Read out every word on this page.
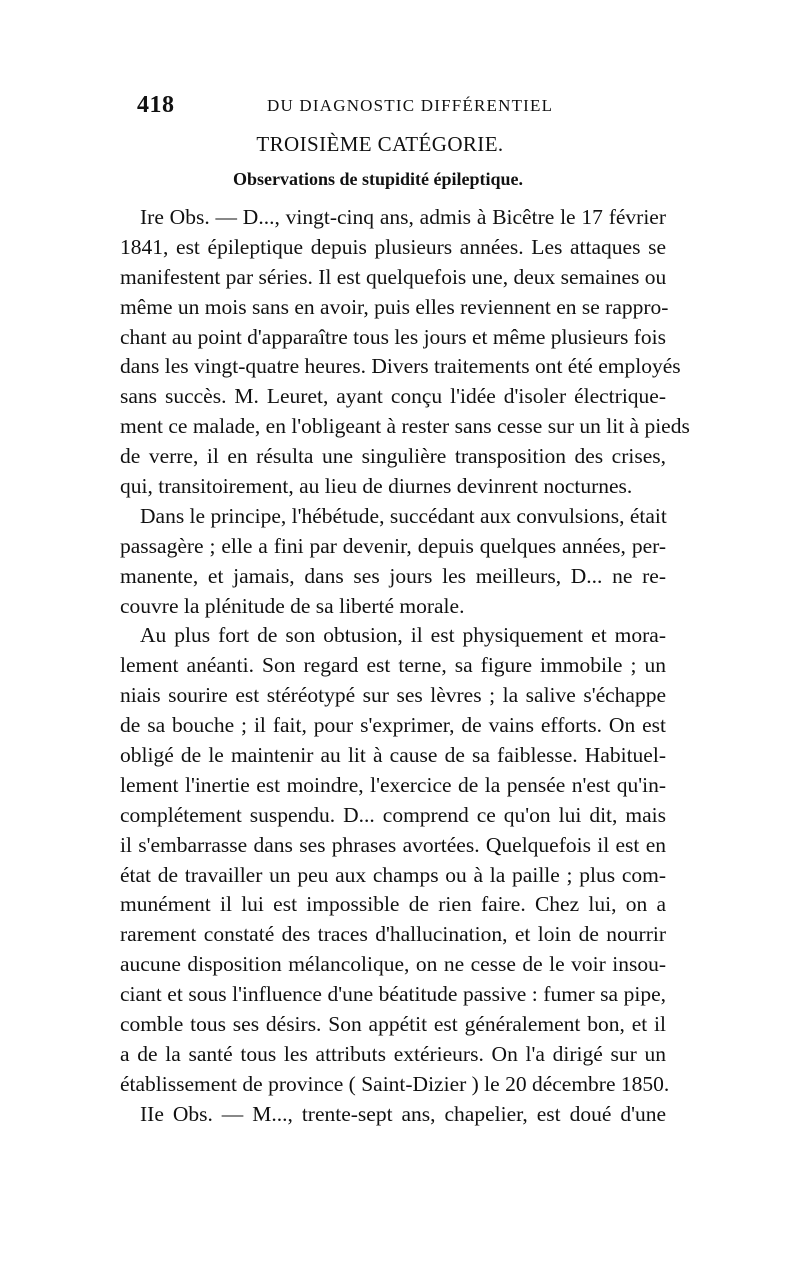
418	DU DIAGNOSTIC DIFFÉRENTIEL
TROISIÈME CATÉGORIE.
Observations de stupidité épileptique.
Ire Obs. — D..., vingt-cinq ans, admis à Bicêtre le 17 février
1841, est épileptique depuis plusieurs années. Les attaques se
manifestent par séries. Il est quelquefois une, deux semaines ou
même un mois sans en avoir, puis elles reviennent en se rappro-
chant au point d'apparaître tous les jours et même plusieurs fois
dans les vingt-quatre heures. Divers traitements ont été employés
sans succès. M. Leuret, ayant conçu l'idée d'isoler électrique-
ment ce malade, en l'obligeant à rester sans cesse sur un lit à pieds
de verre, il en résulta une singulière transposition des crises,
qui, transitoirement, au lieu de diurnes devinrent nocturnes.
Dans le principe, l'hébétude, succédant aux convulsions, était
passagère ; elle a fini par devenir, depuis quelques années, per-
manente, et jamais, dans ses jours les meilleurs, D... ne re-
couvre la plénitude de sa liberté morale.
Au plus fort de son obtusion, il est physiquement et mora-
lement anéanti. Son regard est terne, sa figure immobile ; un
niais sourire est stéréotypé sur ses lèvres ; la salive s'échappe
de sa bouche ; il fait, pour s'exprimer, de vains efforts. On est
obligé de le maintenir au lit à cause de sa faiblesse. Habituel-
lement l'inertie est moindre, l'exercice de la pensée n'est qu'in-
complétement suspendu. D... comprend ce qu'on lui dit, mais
il s'embarrasse dans ses phrases avortées. Quelquefois il est en
état de travailler un peu aux champs ou à la paille ; plus com-
munément il lui est impossible de rien faire. Chez lui, on a
rarement constaté des traces d'hallucination, et loin de nourrir
aucune disposition mélancolique, on ne cesse de le voir insou-
ciant et sous l'influence d'une béatitude passive : fumer sa pipe,
comble tous ses désirs. Son appétit est généralement bon, et il
a de la santé tous les attributs extérieurs. On l'a dirigé sur un
établissement de province ( Saint-Dizier ) le 20 décembre 1850.
IIe Obs. — M..., trente-sept ans, chapelier, est doué d'une
